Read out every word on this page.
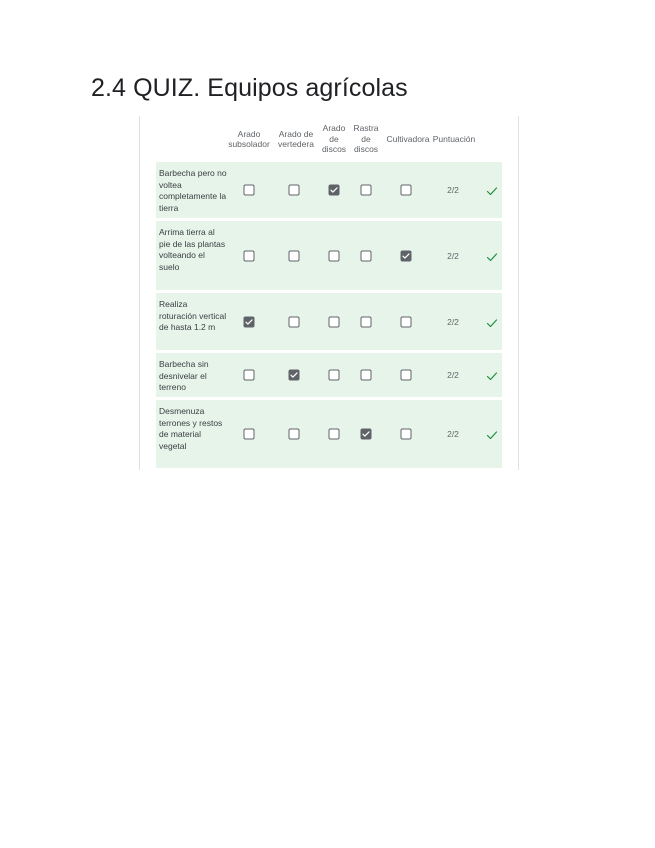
2.4 QUIZ. Equipos agrícolas
Arado subsolador
Arado de vertedera
Arado de discos
Rastra de discos
Cultivadora Puntuación
Barbecha pero no voltea completamente la tierra
2/2
Arrima tierra al pie de las plantas volteando el suelo
2/2
Realiza roturación vertical de hasta 1.2 m
2/2
Barbecha sin desnivelar el terreno
2/2
Desmenuza terrones y restos de material vegetal
2/2
